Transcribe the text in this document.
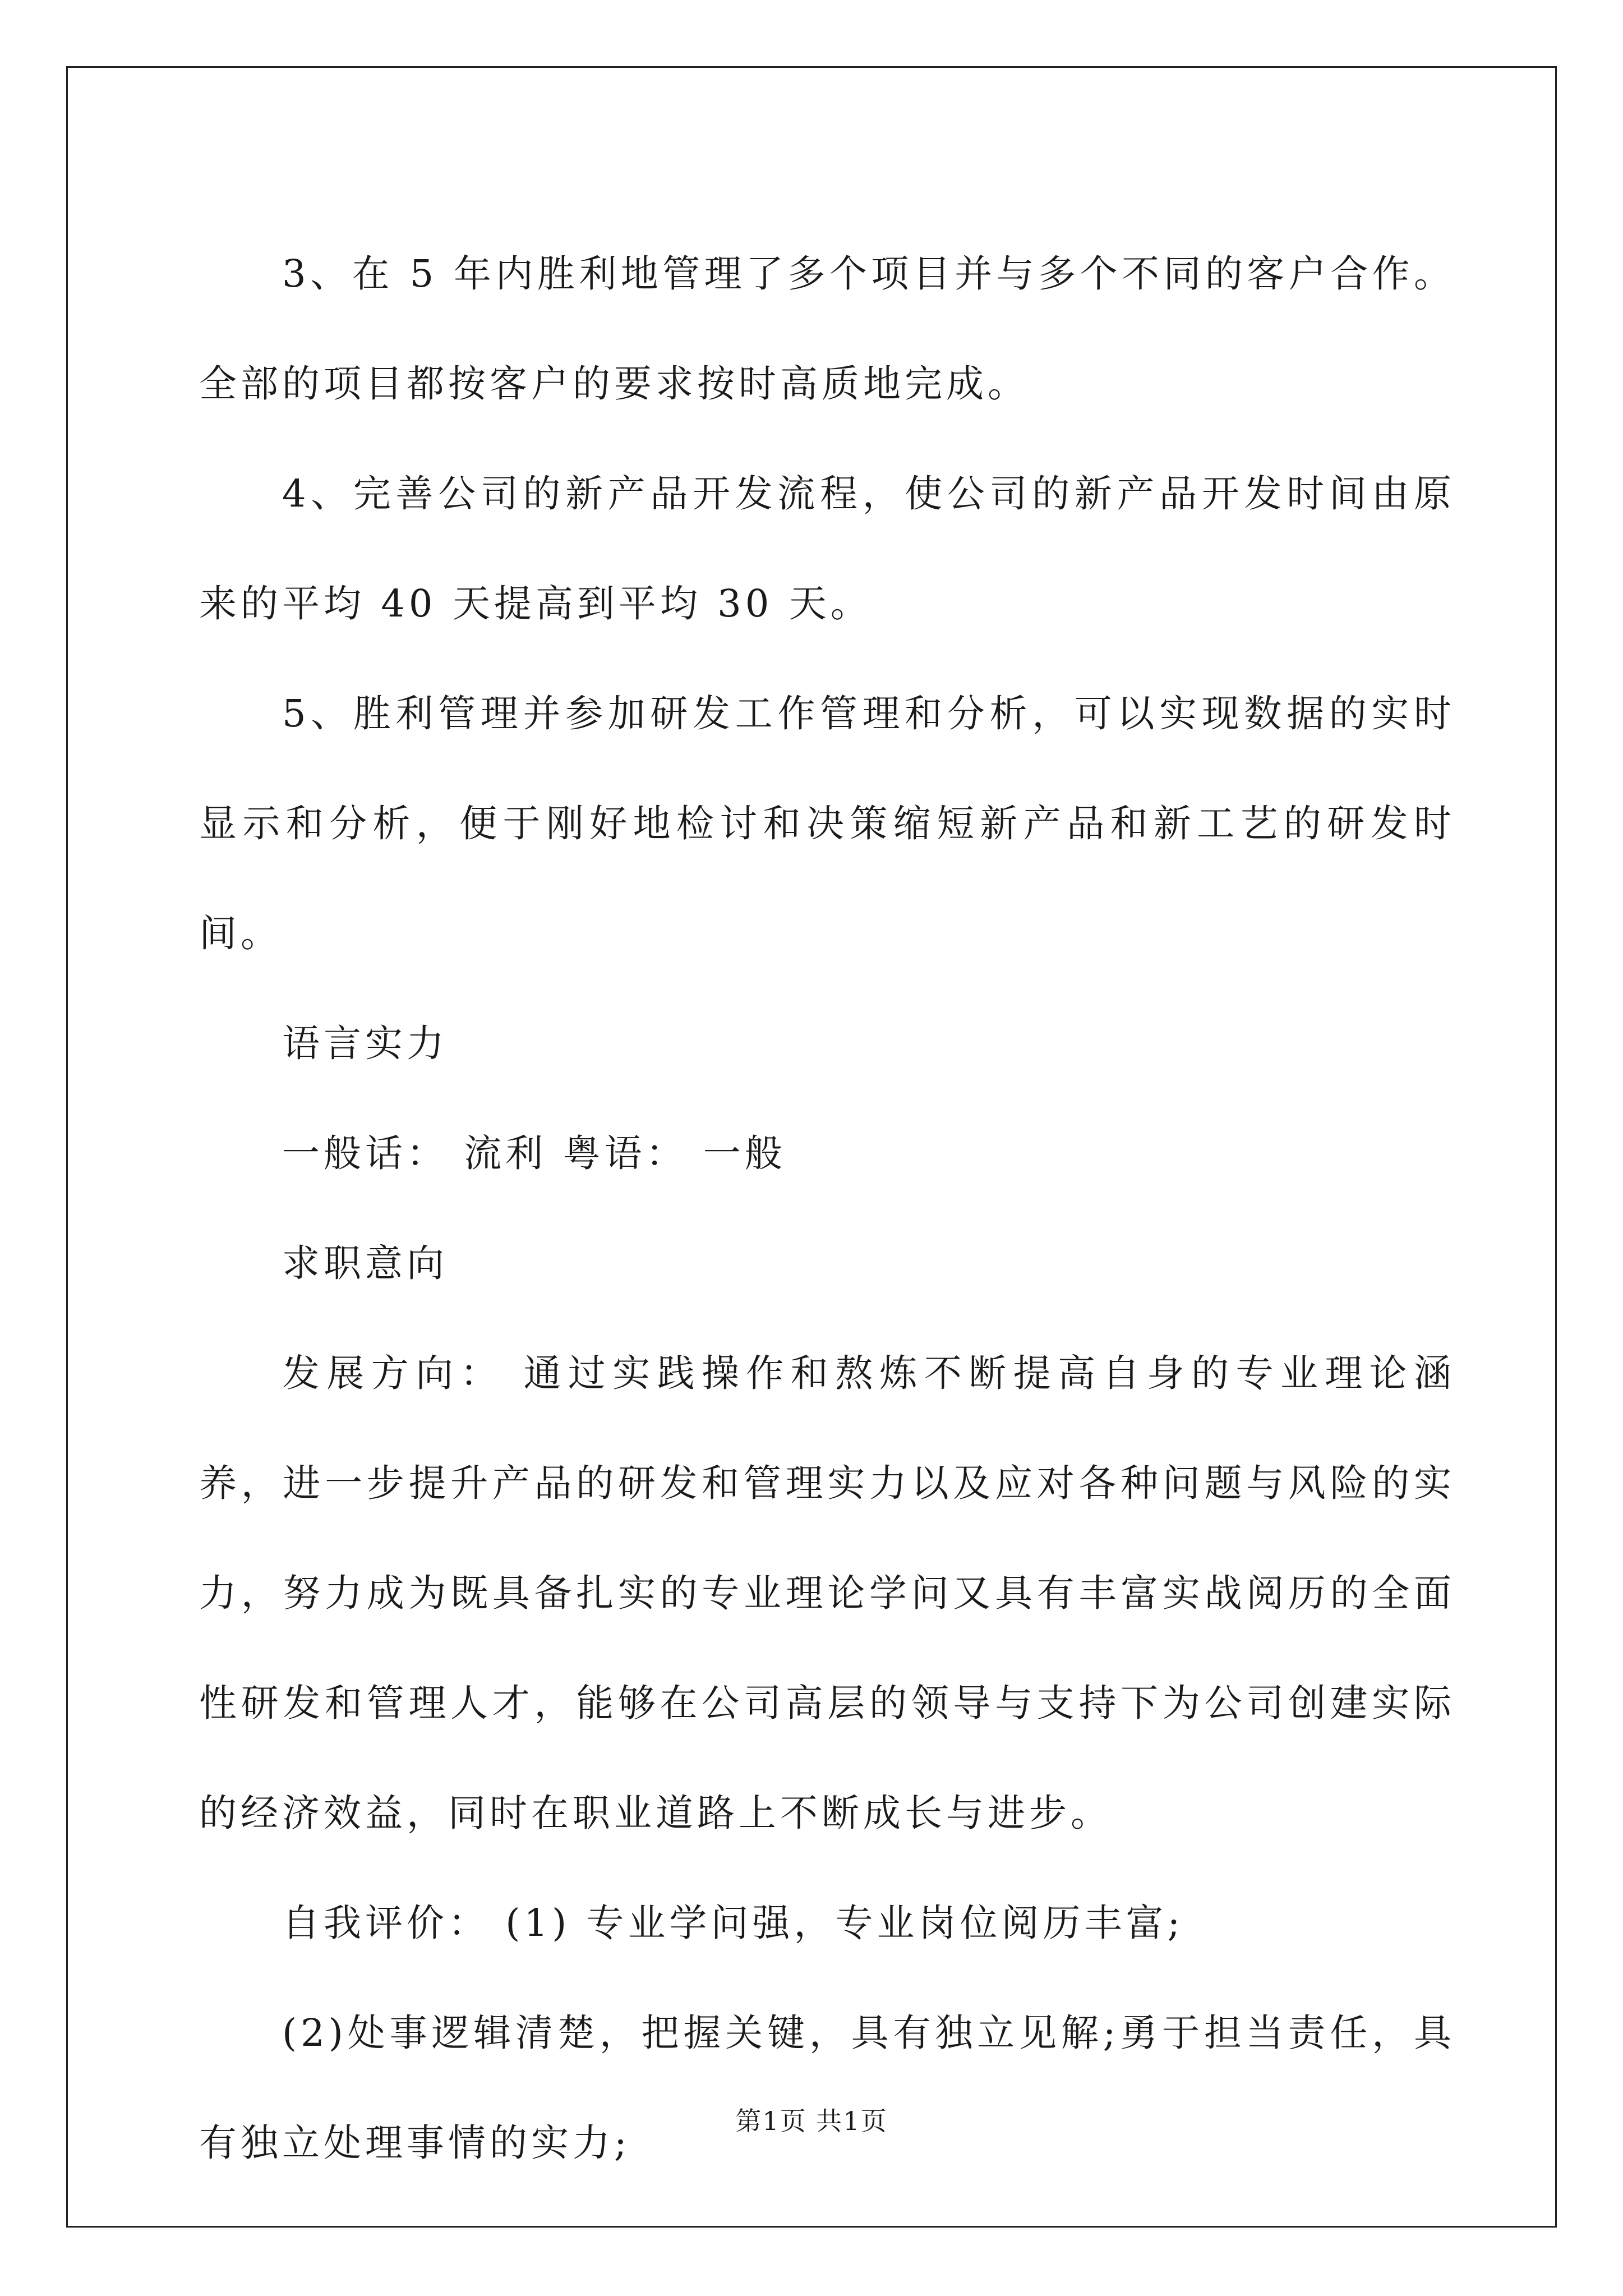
3、在 5 年内胜利地管理了多个项目并与多个不同的客户合作。全部的项目都按客户的要求按时高质地完成。

4、完善公司的新产品开发流程，使公司的新产品开发时间由原来的平均 40 天提高到平均 30 天。

5、胜利管理并参加研发工作管理和分析，可以实现数据的实时显示和分析，便于刚好地检讨和决策缩短新产品和新工艺的研发时间。

语言实力

一般话： 流利 粤语： 一般

求职意向

发展方向： 通过实践操作和熬炼不断提高自身的专业理论涵养，进一步提升产品的研发和管理实力以及应对各种问题与风险的实力，努力成为既具备扎实的专业理论学问又具有丰富实战阅历的全面性研发和管理人才，能够在公司高层的领导与支持下为公司创建实际的经济效益，同时在职业道路上不断成长与进步。

自我评价： (1) 专业学问强，专业岗位阅历丰富;

(2)处事逻辑清楚，把握关键，具有独立见解;勇于担当责任，具有独立处理事情的实力;	第1页 共1页
